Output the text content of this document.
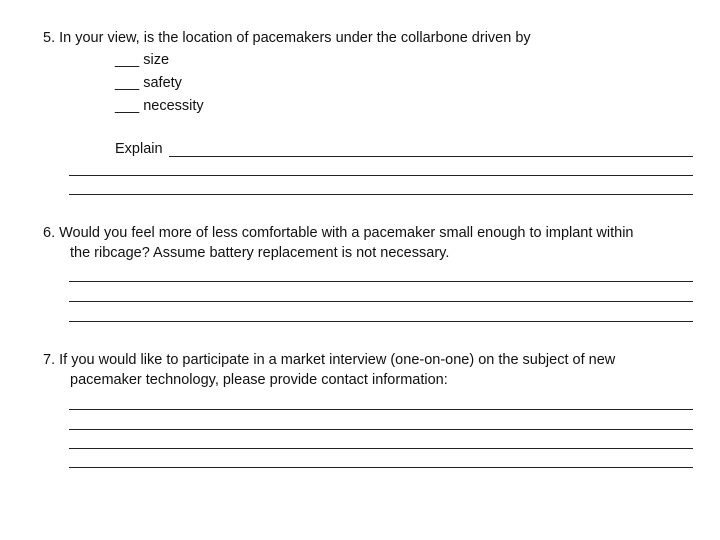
5. In your view, is the location of pacemakers under the collarbone driven by
___ size
___ safety
___ necessity
Explain
6. Would you feel more of less comfortable with a pacemaker small enough to implant within
the ribcage? Assume battery replacement is not necessary.
7. If you would like to participate in a market interview (one-on-one) on the subject of new
pacemaker technology, please provide contact information:
